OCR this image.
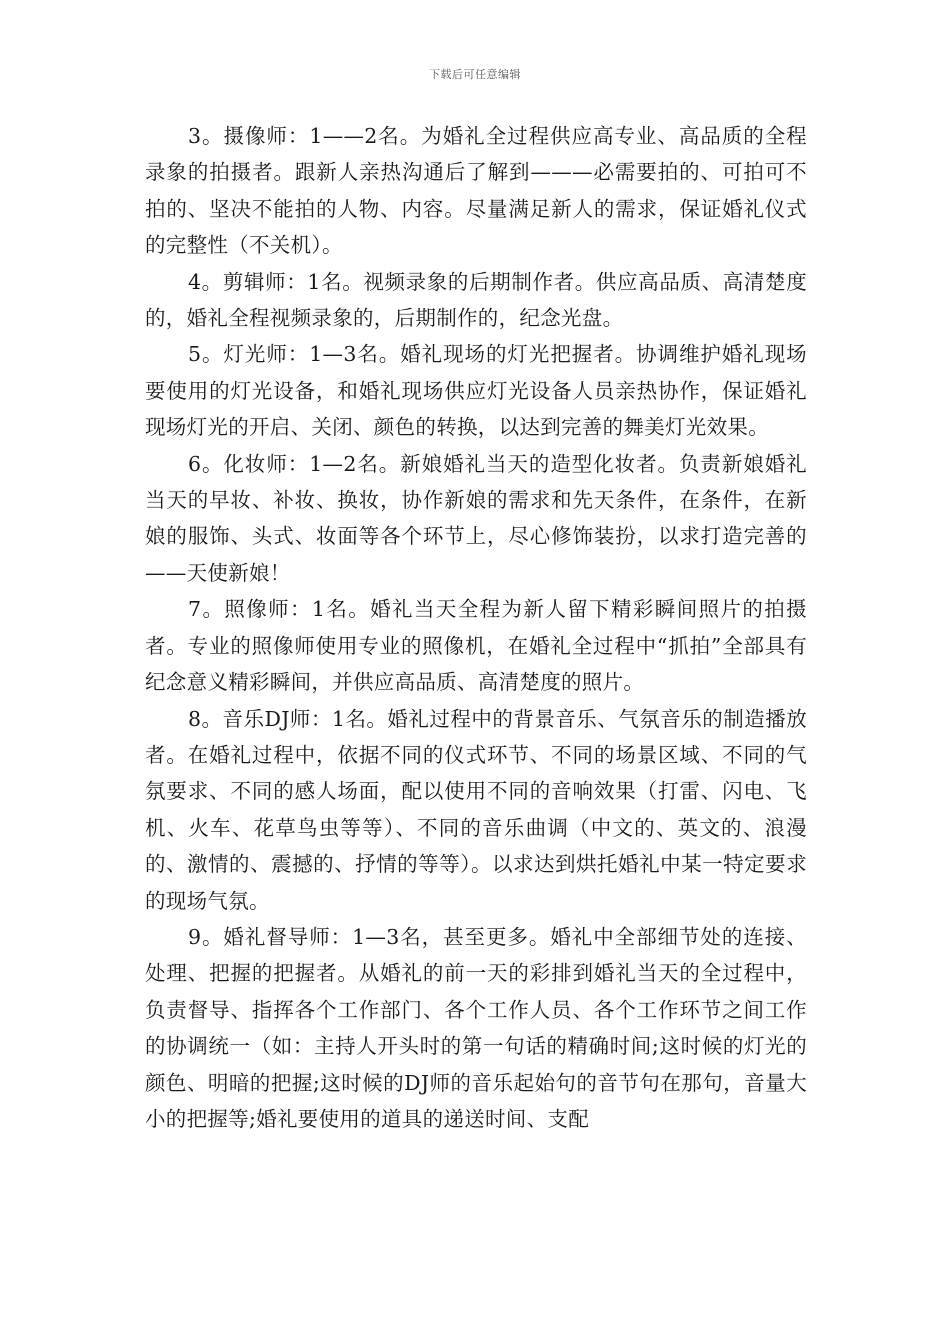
下载后可任意编辑

3。摄像师：1——2名。为婚礼全过程供应高专业、高品质的全程录象的拍摄者。跟新人亲热沟通后了解到———必需要拍的、可拍可不拍的、坚决不能拍的人物、内容。尽量满足新人的需求，保证婚礼仪式的完整性（不关机）。

4。剪辑师：1名。视频录象的后期制作者。供应高品质、高清楚度的，婚礼全程视频录象的，后期制作的，纪念光盘。

5。灯光师：1—3名。婚礼现场的灯光把握者。协调维护婚礼现场要使用的灯光设备，和婚礼现场供应灯光设备人员亲热协作，保证婚礼现场灯光的开启、关闭、颜色的转换，以达到完善的舞美灯光效果。

6。化妆师：1—2名。新娘婚礼当天的造型化妆者。负责新娘婚礼当天的早妆、补妆、换妆，协作新娘的需求和先天条件，在条件，在新娘的服饰、头式、妆面等各个环节上，尽心修饰装扮，以求打造完善的——天使新娘！

7。照像师：1名。婚礼当天全程为新人留下精彩瞬间照片的拍摄者。专业的照像师使用专业的照像机，在婚礼全过程中“抓拍”全部具有纪念意义精彩瞬间，并供应高品质、高清楚度的照片。

8。音乐DJ师：1名。婚礼过程中的背景音乐、气氛音乐的制造播放者。在婚礼过程中，依据不同的仪式环节、不同的场景区域、不同的气氛要求、不同的感人场面，配以使用不同的音响效果（打雷、闪电、飞机、火车、花草鸟虫等等）、不同的音乐曲调（中文的、英文的、浪漫的、激情的、震撼的、抒情的等等）。以求达到烘托婚礼中某一特定要求的现场气氛。

9。婚礼督导师：1—3名，甚至更多。婚礼中全部细节处的连接、处理、把握的把握者。从婚礼的前一天的彩排到婚礼当天的全过程中，负责督导、指挥各个工作部门、各个工作人员、各个工作环节之间工作的协调统一（如：主持人开头时的第一句话的精确时间;这时候的灯光的颜色、明暗的把握;这时候的DJ师的音乐起始句的音节句在那句，音量大小的把握等;婚礼要使用的道具的递送时间、支配
